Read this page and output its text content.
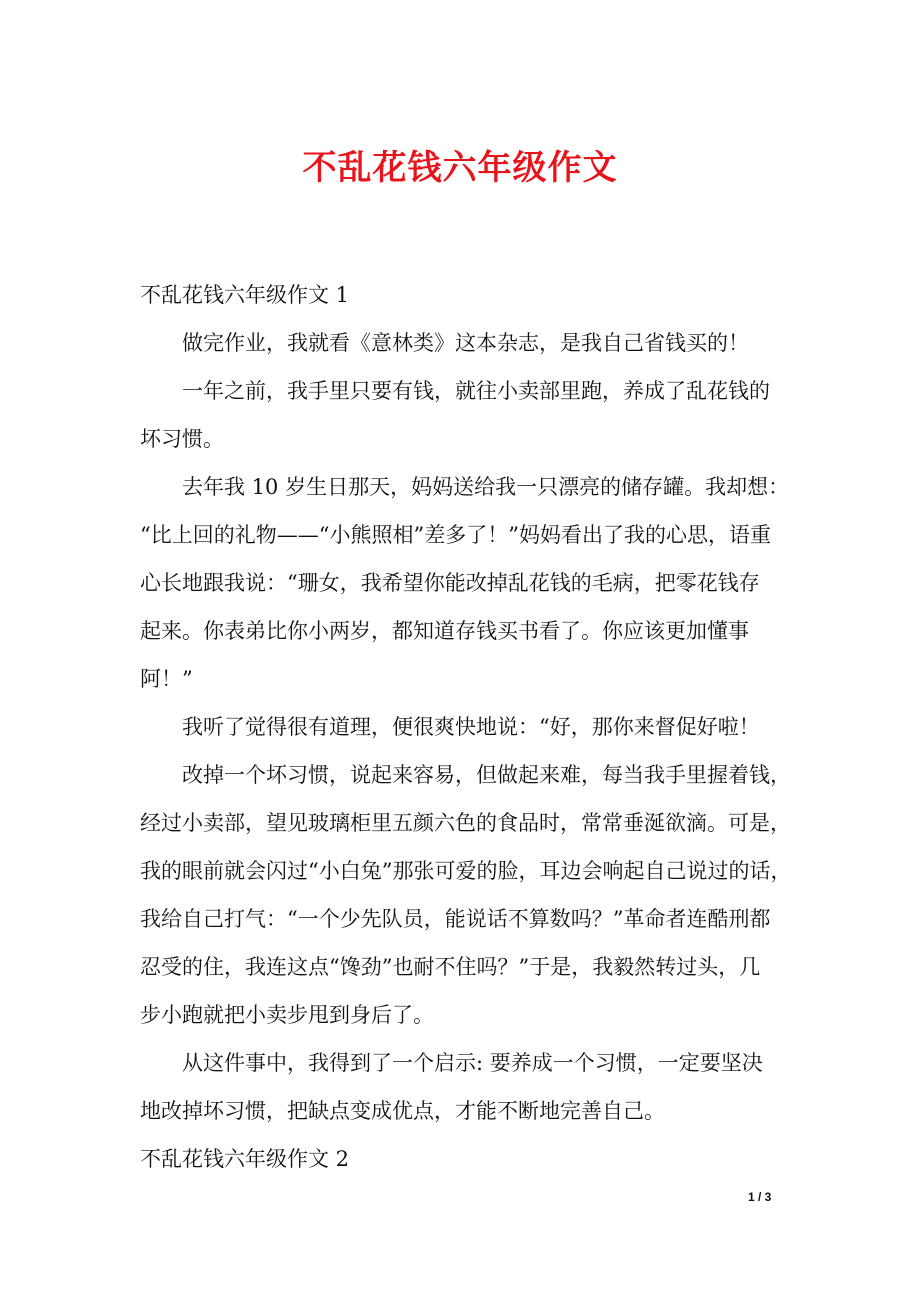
不乱花钱六年级作文
不乱花钱六年级作文 1
做完作业，我就看《意林类》这本杂志，是我自己省钱买的！
一年之前，我手里只要有钱，就往小卖部里跑，养成了乱花钱的
坏习惯。
去年我 10 岁生日那天，妈妈送给我一只漂亮的储存罐。我却想：
“比上回的礼物——“小熊照相”差多了！”妈妈看出了我的心思，语重
心长地跟我说：“珊女，我希望你能改掉乱花钱的毛病，把零花钱存
起来。你表弟比你小两岁，都知道存钱买书看了。你应该更加懂事
阿！”
我听了觉得很有道理，便很爽快地说：“好，那你来督促好啦！
改掉一个坏习惯，说起来容易，但做起来难，每当我手里握着钱，
经过小卖部，望见玻璃柜里五颜六色的食品时，常常垂涎欲滴。可是，
我的眼前就会闪过“小白兔”那张可爱的脸，耳边会响起自己说过的话，
我给自己打气：“一个少先队员，能说话不算数吗？”革命者连酷刑都
忍受的住，我连这点“馋劲”也耐不住吗？”于是，我毅然转过头，几
步小跑就把小卖步甩到身后了。
从这件事中，我得到了一个启示: 要养成一个习惯，一定要坚决
地改掉坏习惯，把缺点变成优点，才能不断地完善自己。
不乱花钱六年级作文 2
1 / 3
